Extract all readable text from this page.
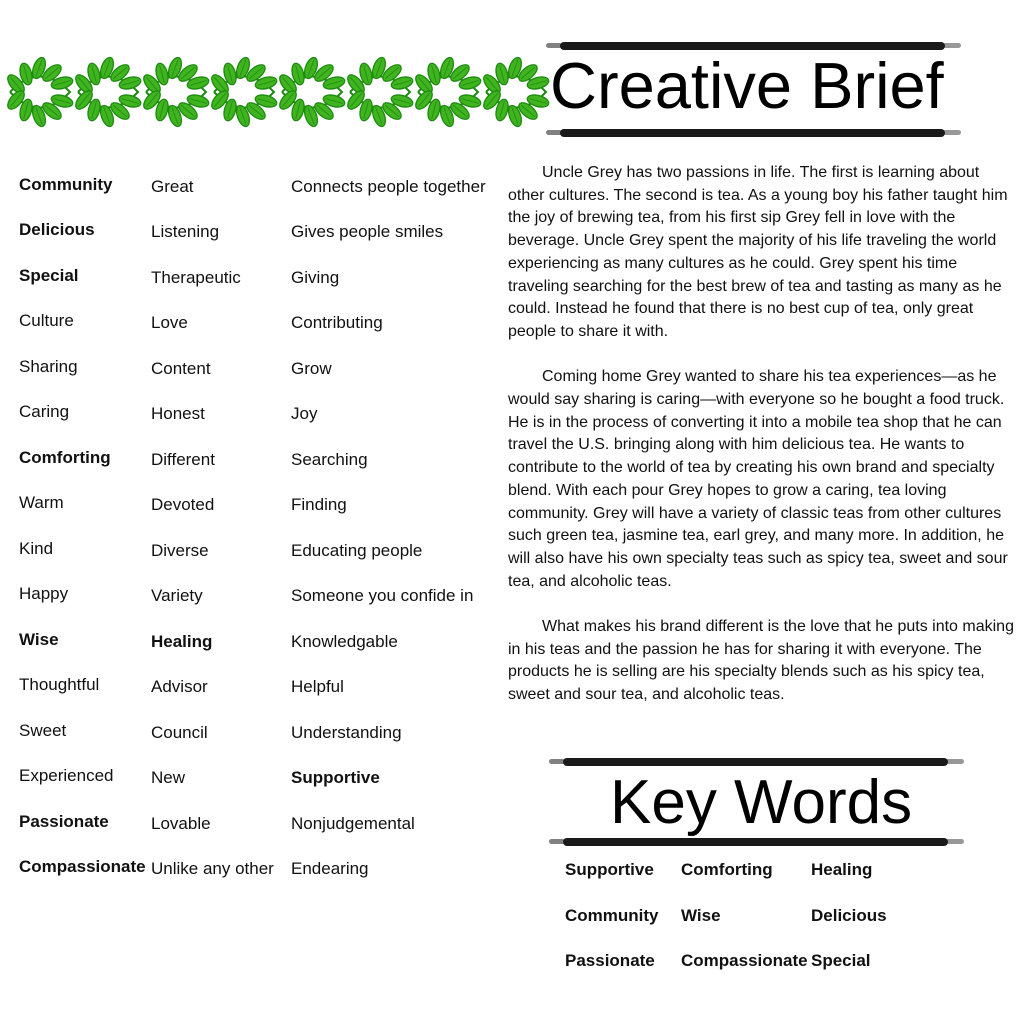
Creative Brief
Community
Delicious
Special
Culture
Sharing
Caring
Comforting
Warm
Kind
Happy
Wise
Thoughtful
Sweet
Experienced
Passionate
Compassionate
Great
Listening
Therapeutic
Love
Content
Honest
Different
Devoted
Diverse
Variety
Healing
Advisor
Council
New
Lovable
Unlike any other
Connects people together
Gives people smiles
Giving
Contributing
Grow
Joy
Searching
Finding
Educating people
Someone you confide in
Knowledgable
Helpful
Understanding
Supportive
Nonjudgemental
Endearing

Uncle Grey has two passions in life. The first is learning about other cultures. The second is tea. As a young boy his father taught him the joy of brewing tea, from his first sip Grey fell in love with the beverage. Uncle Grey spent the majority of his life traveling the world experiencing as many cultures as he could. Grey spent his time traveling searching for the best brew of tea and tasting as many as he could. Instead he found that there is no best cup of tea, only great people to share it with.

Coming home Grey wanted to share his tea experiences—as he would say sharing is caring—with everyone so he bought a food truck. He is in the process of converting it into a mobile tea shop that he can travel the U.S. bringing along with him delicious tea. He wants to contribute to the world of tea by creating his own brand and specialty blend. With each pour Grey hopes to grow a caring, tea loving community. Grey will have a variety of classic teas from other cultures such green tea, jasmine tea, earl grey, and many more. In addition, he will also have his own specialty teas such as spicy tea, sweet and sour tea, and alcoholic teas.

What makes his brand different is the love that he puts into making in his teas and the passion he has for sharing it with everyone. The products he is selling are his specialty blends such as his spicy tea, sweet and sour tea, and alcoholic teas.

Key Words
Supportive Comforting Healing
Community Wise	Delicious
Passionate Compassionate Special
